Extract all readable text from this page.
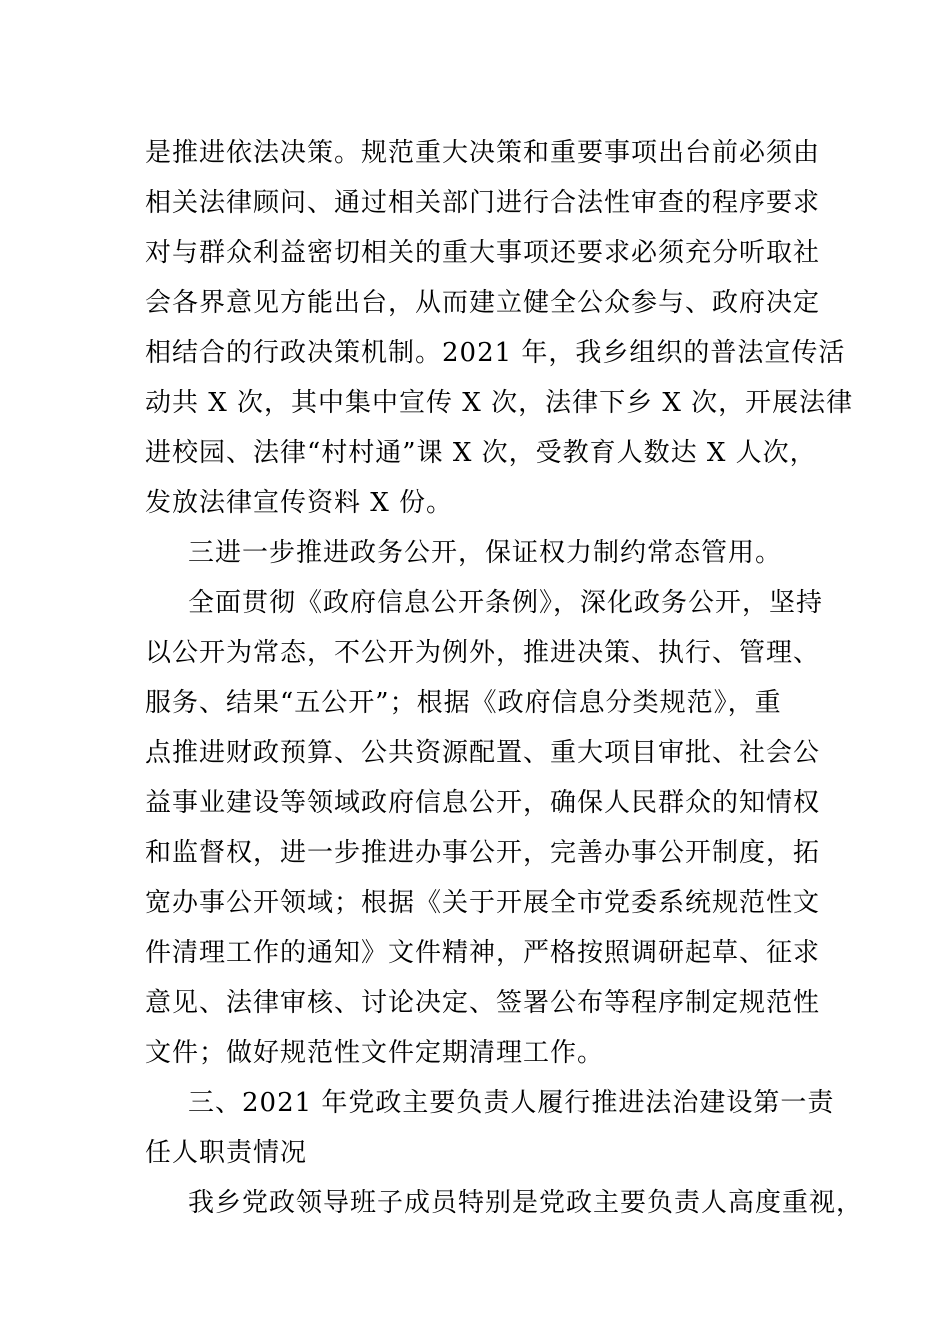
是推进依法决策。规范重大决策和重要事项出台前必须由
相关法律顾问、通过相关部门进行合法性审查的程序要求
对与群众利益密切相关的重大事项还要求必须充分听取社
会各界意见方能出台，从而建立健全公众参与、政府决定
相结合的行政决策机制。2021 年，我乡组织的普法宣传活
动共 X 次，其中集中宣传 X 次，法律下乡 X 次，开展法律
进校园、法律“村村通”课 X 次，受教育人数达 X 人次，
发放法律宣传资料 X 份。
三进一步推进政务公开，保证权力制约常态管用。
全面贯彻《政府信息公开条例》，深化政务公开，坚持
以公开为常态，不公开为例外，推进决策、执行、管理、
服务、结果“五公开”；根据《政府信息分类规范》，重
点推进财政预算、公共资源配置、重大项目审批、社会公
益事业建设等领域政府信息公开，确保人民群众的知情权
和监督权，进一步推进办事公开，完善办事公开制度，拓
宽办事公开领域；根据《关于开展全市党委系统规范性文
件清理工作的通知》文件精神，严格按照调研起草、征求
意见、法律审核、讨论决定、签署公布等程序制定规范性
文件；做好规范性文件定期清理工作。
三、2021 年党政主要负责人履行推进法治建设第一责
任人职责情况
我乡党政领导班子成员特别是党政主要负责人高度重视，
